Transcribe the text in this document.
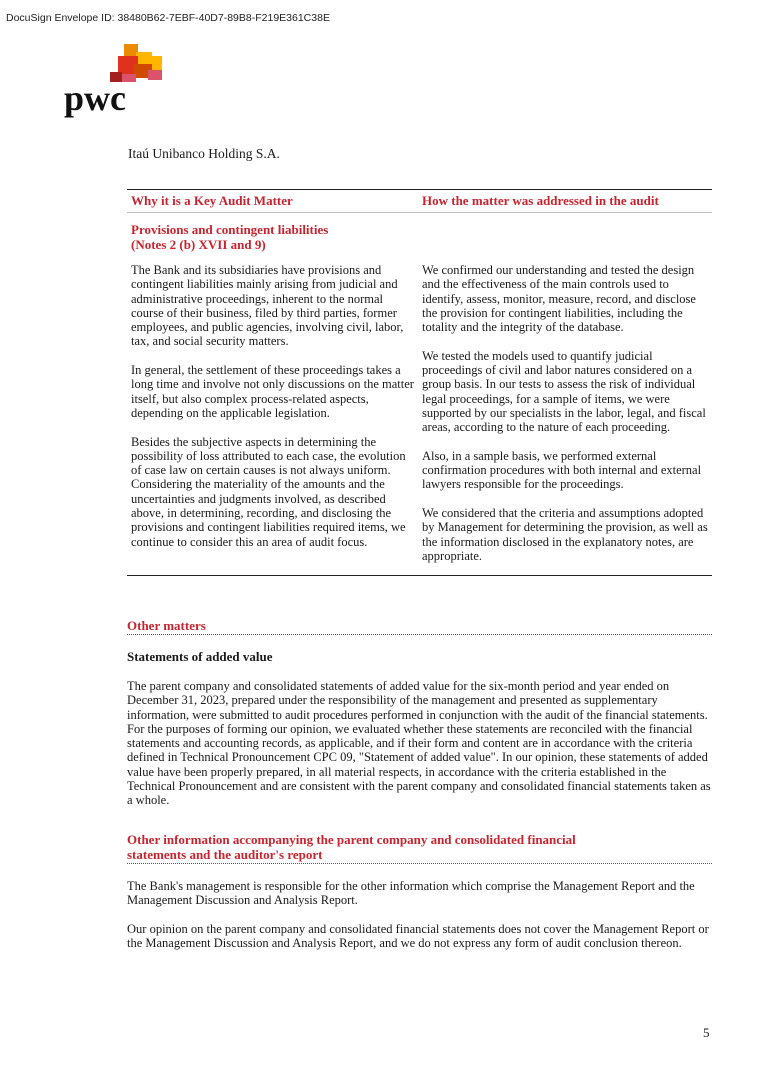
DocuSign Envelope ID: 38480B62-7EBF-40D7-89B8-F219E361C38E
pwc
Itaú Unibanco Holding S.A.
Why it is a Key Audit Matter	How the matter was addressed in the audit
Provisions and contingent liabilities
(Notes 2 (b) XVII and 9)

The Bank and its subsidiaries have provisions and contingent liabilities mainly arising from judicial and administrative proceedings, inherent to the normal course of their business, filed by third parties, former employees, and public agencies, involving civil, labor, tax, and social security matters.

In general, the settlement of these proceedings takes a long time and involve not only discussions on the matter itself, but also complex process-related aspects, depending on the applicable legislation.

Besides the subjective aspects in determining the possibility of loss attributed to each case, the evolution of case law on certain causes is not always uniform. Considering the materiality of the amounts and the uncertainties and judgments involved, as described above, in determining, recording, and disclosing the provisions and contingent liabilities required items, we continue to consider this an area of audit focus.

We confirmed our understanding and tested the design and the effectiveness of the main controls used to identify, assess, monitor, measure, record, and disclose the provision for contingent liabilities, including the totality and the integrity of the database.

We tested the models used to quantify judicial proceedings of civil and labor natures considered on a group basis. In our tests to assess the risk of individual legal proceedings, for a sample of items, we were supported by our specialists in the labor, legal, and fiscal areas, according to the nature of each proceeding.

Also, in a sample basis, we performed external confirmation procedures with both internal and external lawyers responsible for the proceedings.

We considered that the criteria and assumptions adopted by Management for determining the provision, as well as the information disclosed in the explanatory notes, are appropriate.

Other matters
Statements of added value

The parent company and consolidated statements of added value for the six-month period and year ended on December 31, 2023, prepared under the responsibility of the management and presented as supplementary information, were submitted to audit procedures performed in conjunction with the audit of the financial statements. For the purposes of forming our opinion, we evaluated whether these statements are reconciled with the financial statements and accounting records, as applicable, and if their form and content are in accordance with the criteria defined in Technical Pronouncement CPC 09, "Statement of added value". In our opinion, these statements of added value have been properly prepared, in all material respects, in accordance with the criteria established in the Technical Pronouncement and are consistent with the parent company and consolidated financial statements taken as a whole.

Other information accompanying the parent company and consolidated financial
statements and the auditor's report

The Bank's management is responsible for the other information which comprise the Management Report and the Management Discussion and Analysis Report.

Our opinion on the parent company and consolidated financial statements does not cover the Management Report or the Management Discussion and Analysis Report, and we do not express any form of audit conclusion thereon.

5
